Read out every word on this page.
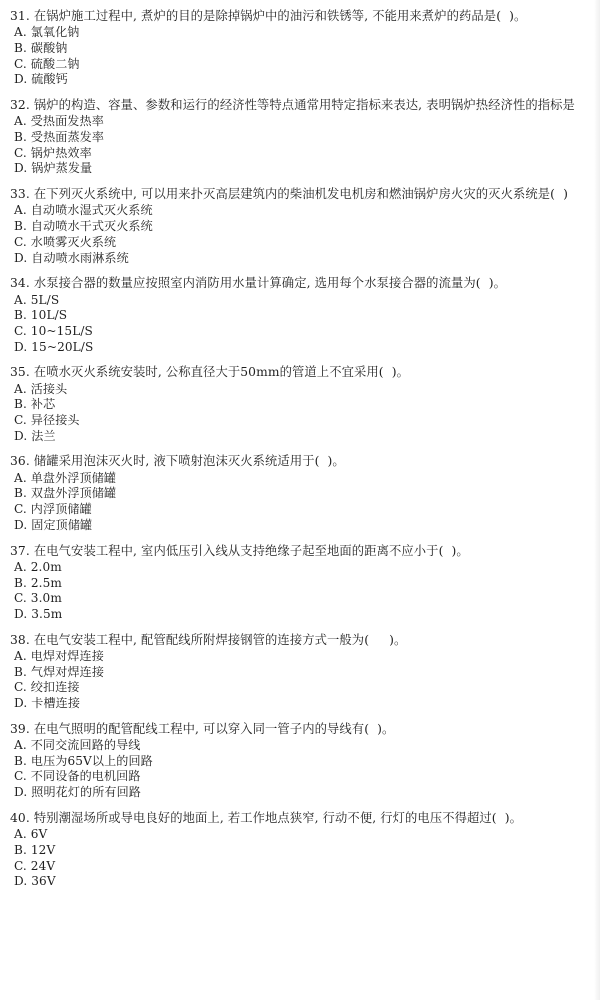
31. 在锅炉施工过程中, 煮炉的目的是除掉锅炉中的油污和铁锈等, 不能用来煮炉的药品是(  )。
A. 氯氧化钠
B. 碳酸钠
C. 硫酸二钠
D. 硫酸钙
32. 锅炉的构造、容量、参数和运行的经济性等特点通常用特定指标来表达, 表明锅炉热经济性的指标是
A. 受热面发热率
B. 受热面蒸发率
C. 锅炉热效率
D. 锅炉蒸发量
33. 在下列灭火系统中, 可以用来扑灭高层建筑内的柴油机发电机房和燃油锅炉房火灾的灭火系统是(  )
A. 自动喷水湿式灭火系统
B. 自动喷水干式灭火系统
C. 水喷雾灭火系统
D. 自动喷水雨淋系统
34. 水泵接合器的数量应按照室内消防用水量计算确定, 选用每个水泵接合器的流量为(  )。
A. 5L/S
B. 10L/S
C. 10~15L/S
D. 15~20L/S
35. 在喷水灭火系统安装时, 公称直径大于50mm的管道上不宜采用(  )。
A. 活接头
B. 补芯
C. 异径接头
D. 法兰
36. 储罐采用泡沫灭火时, 液下喷射泡沫灭火系统适用于(  )。
A. 单盘外浮顶储罐
B. 双盘外浮顶储罐
C. 内浮顶储罐
D. 固定顶储罐
37. 在电气安装工程中, 室内低压引入线从支持绝缘子起至地面的距离不应小于(  )。
A. 2.0m
B. 2.5m
C. 3.0m
D. 3.5m
38. 在电气安装工程中, 配管配线所附焊接钢管的连接方式一般为(     )。
A. 电焊对焊连接
B. 气焊对焊连接
C. 绞扣连接
D. 卡槽连接
39. 在电气照明的配管配线工程中, 可以穿入同一管子内的导线有(  )。
A. 不同交流回路的导线
B. 电压为65V以上的回路
C. 不同设备的电机回路
D. 照明花灯的所有回路
40. 特别潮湿场所或导电良好的地面上, 若工作地点狭窄, 行动不便, 行灯的电压不得超过(  )。
A. 6V
B. 12V
C. 24V
D. 36V
